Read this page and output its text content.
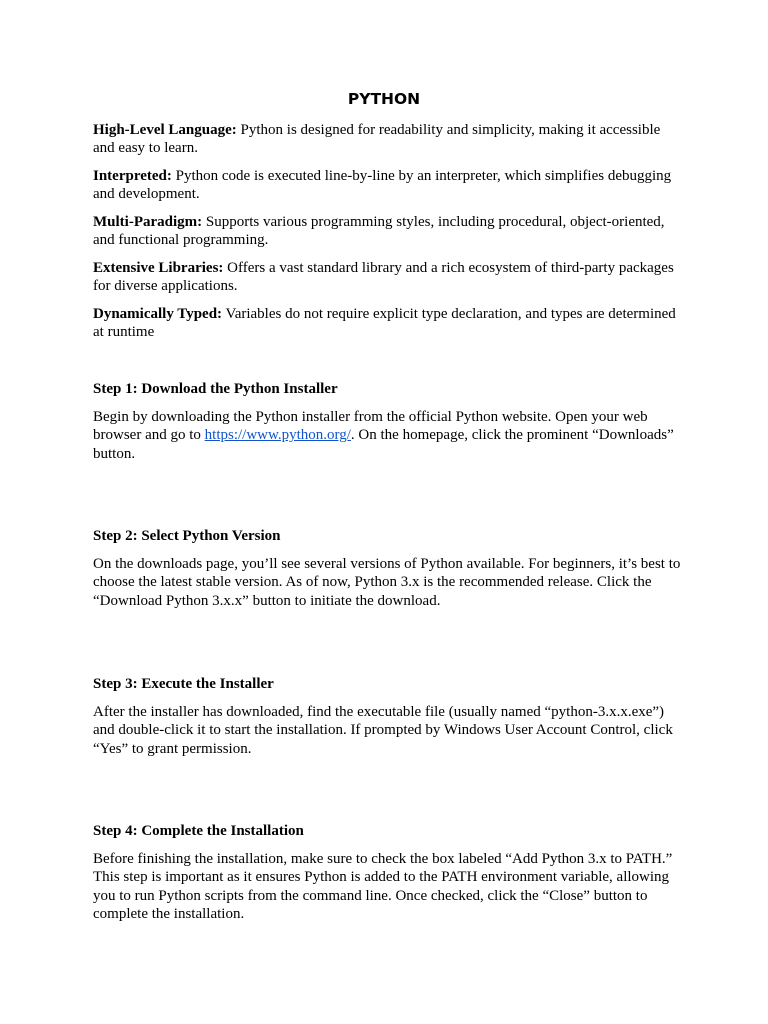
PYTHON

High-Level Language: Python is designed for readability and simplicity, making it accessible and easy to learn.

Interpreted: Python code is executed line-by-line by an interpreter, which simplifies debugging and development.

Multi-Paradigm: Supports various programming styles, including procedural, object-oriented, and functional programming.

Extensive Libraries: Offers a vast standard library and a rich ecosystem of third-party packages for diverse applications.

Dynamically Typed: Variables do not require explicit type declaration, and types are determined at runtime

Step 1: Download the Python Installer

Begin by downloading the Python installer from the official Python website. Open your web browser and go to https://www.python.org/. On the homepage, click the prominent “Downloads” button.

Step 2: Select Python Version

On the downloads page, you’ll see several versions of Python available. For beginners, it’s best to choose the latest stable version. As of now, Python 3.x is the recommended release. Click the “Download Python 3.x.x” button to initiate the download.

Step 3: Execute the Installer

After the installer has downloaded, find the executable file (usually named “python-3.x.x.exe”) and double-click it to start the installation. If prompted by Windows User Account Control, click “Yes” to grant permission.

Step 4: Complete the Installation

Before finishing the installation, make sure to check the box labeled “Add Python 3.x to PATH.” This step is important as it ensures Python is added to the PATH environment variable, allowing you to run Python scripts from the command line. Once checked, click the “Close” button to complete the installation.
